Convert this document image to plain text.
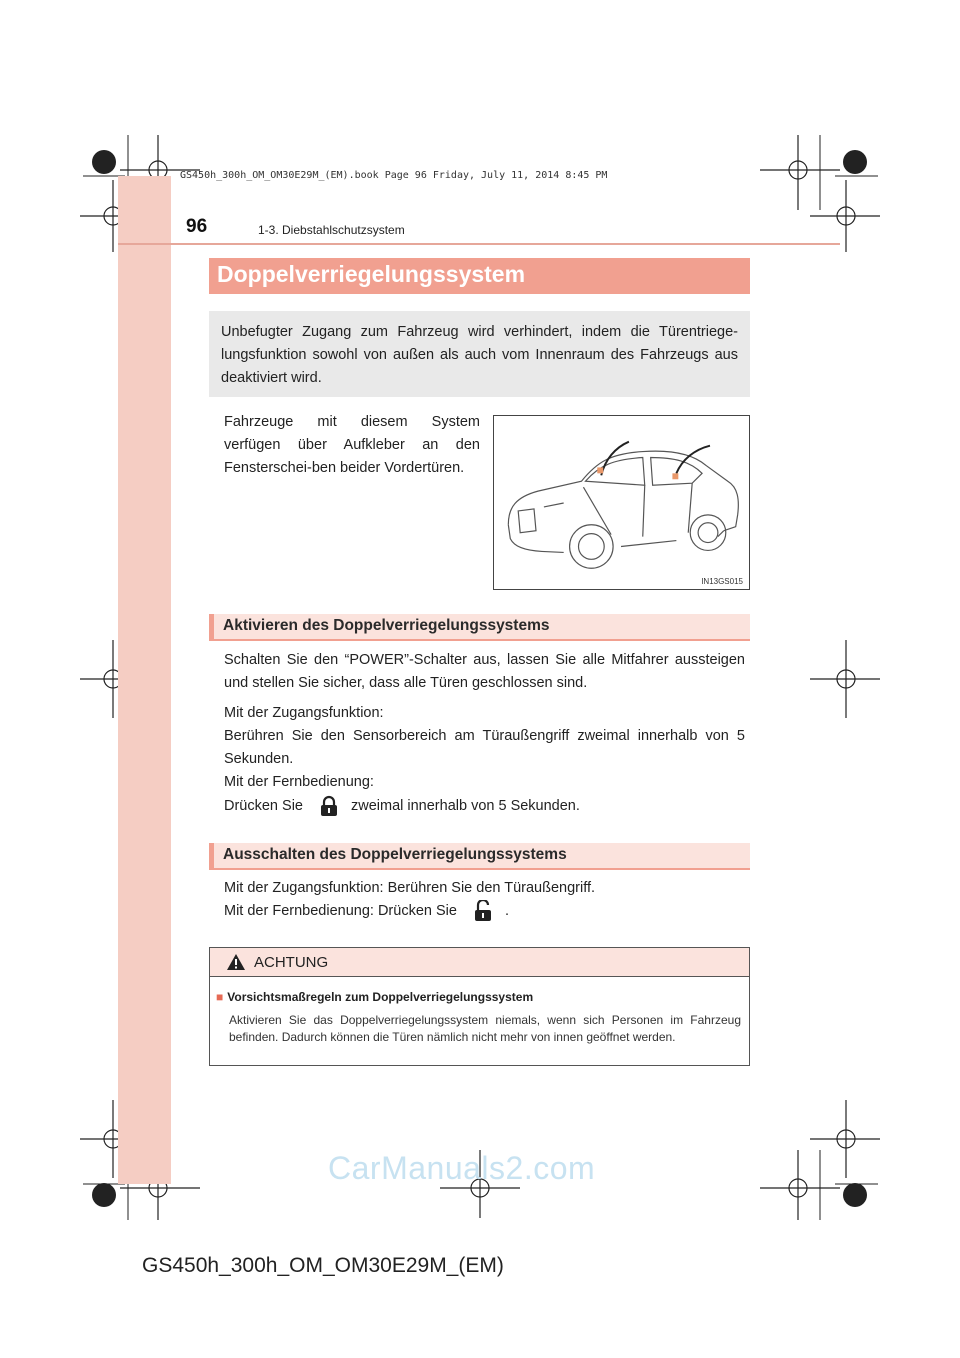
GS450h_300h_OM_OM30E29M_(EM).book Page 96 Friday, July 11, 2014 8:45 PM
96	1-3. Diebstahlschutzsystem
Doppelverriegelungssystem
Unbefugter Zugang zum Fahrzeug wird verhindert, indem die Türentriege-lungsfunktion sowohl von außen als auch vom Innenraum des Fahrzeugs aus deaktiviert wird.
Fahrzeuge mit diesem System verfügen über Aufkleber an den Fensterschei-ben beider Vordertüren.
IN13GS015
Aktivieren des Doppelverriegelungssystems
Schalten Sie den “POWER”-Schalter aus, lassen Sie alle Mitfahrer aussteigen und stellen Sie sicher, dass alle Türen geschlossen sind.
Mit der Zugangsfunktion:
Berühren Sie den Sensorbereich am Türaußengriff zweimal innerhalb von 5 Sekunden.
Mit der Fernbedienung:
Drücken Sie	zweimal innerhalb von 5 Sekunden.
Ausschalten des Doppelverriegelungssystems
Mit der Zugangsfunktion: Berühren Sie den Türaußengriff.
Mit der Fernbedienung: Drücken Sie	.
ACHTUNG
■ Vorsichtsmaßregeln zum Doppelverriegelungssystem
Aktivieren Sie das Doppelverriegelungssystem niemals, wenn sich Personen im Fahrzeug befinden. Dadurch können die Türen nämlich nicht mehr von innen geöffnet werden.
CarManuals2.com
GS450h_300h_OM_OM30E29M_(EM)
